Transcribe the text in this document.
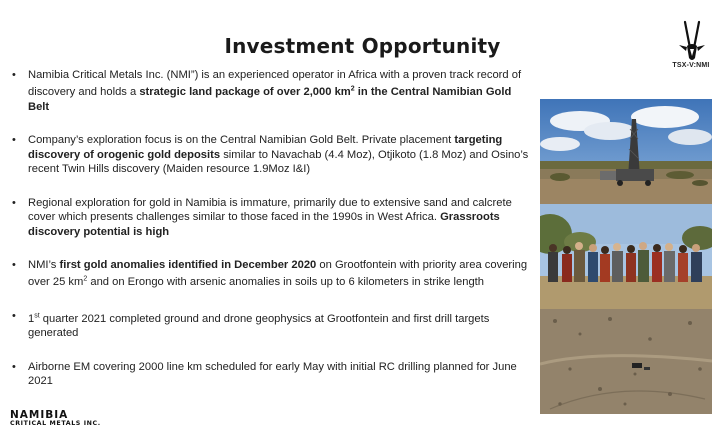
Investment Opportunity
TSX-V:NMI
• Namibia Critical Metals Inc. (NMI”) is an experienced operator in Africa with a proven track record of discovery and holds a strategic land package of over 2,000 $km^2$ in the Central Namibian Gold Belt
• Company’s exploration focus is on the Central Namibian Gold Belt. Private placement targeting discovery of orogenic gold deposits similar to Navachab (4.4 Moz), Otjikoto (1.8 Moz) and Osino’s recent Twin Hills discovery (Maiden resource 1.9Moz I&I)
• Regional exploration for gold in Namibia is immature, primarily due to extensive sand and calcrete cover which presents challenges similar to those faced in the 1990s in West Africa. Grassroots discovery potential is high
• NMI’s first gold anomalies identified in December 2020 on Grootfontein with priority area covering over 25 $km^2$ and on Erongo with arsenic anomalies in soils up to 6 kilometers in strike length
• 1st quarter 2021 completed ground and drone geophysics at Grootfontein and first drill targets generated
• Airborne EM covering 2000 line km scheduled for early May with initial RC drilling planned for June 2021
NAMIBIA
CRITICAL METALS INC.
